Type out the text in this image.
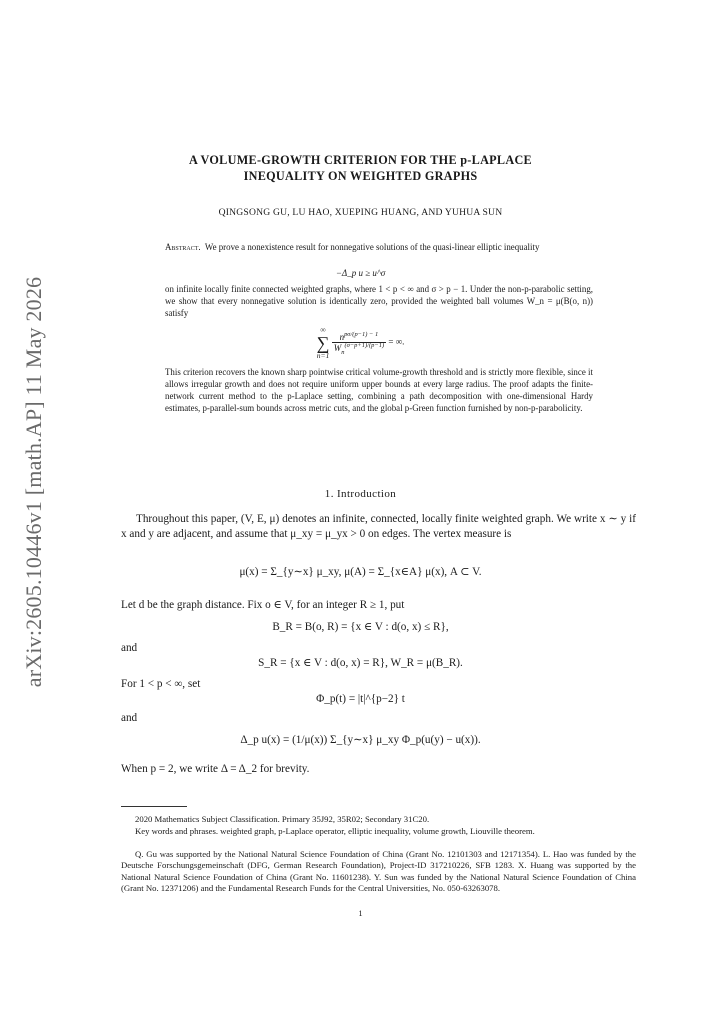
arXiv:2605.10446v1 [math.AP] 11 May 2026
A VOLUME-GROWTH CRITERION FOR THE p-LAPLACE
INEQUALITY ON WEIGHTED GRAPHS
QINGSONG GU, LU HAO, XUEPING HUANG, AND YUHUA SUN

Abstract. We prove a nonexistence result for nonnegative solutions of the quasi-linear elliptic inequality

−Δ_p u ≥ u^σ

on infinite locally finite connected weighted graphs, where 1 < p < ∞ and σ > p − 1. Under the non-p-parabolic setting, we show that every nonnegative solution is identically zero, provided the weighted ball volumes W_n = μ(B(o, n)) satisfy

∞
∑
n=1

$\frac{n^{p\sigma/(p-1) - 1}}{W_n^{(\sigma-p+1)/(p-1)}}$ = ∞.

This criterion recovers the known sharp pointwise critical volume-growth threshold and is strictly more flexible, since it allows irregular growth and does not require uniform upper bounds at every large radius. The proof adapts the finite-network current method to the p-Laplace setting, combining a path decomposition with one-dimensional Hardy estimates, p-parallel-sum bounds across metric cuts, and the global p-Green function furnished by non-p-parabolicity.

1. Introduction

Throughout this paper, (V, E, μ) denotes an infinite, connected, locally finite weighted graph. We write x ∼ y if x and y are adjacent, and assume that μ_xy = μ_yx > 0 on edges. The vertex measure is

μ(x) = Σ_{y∼x} μ_xy, μ(A) = Σ_{x∈A} μ(x), A ⊂ V.

Let d be the graph distance. Fix o ∈ V, for an integer R ≥ 1, put

B_R = B(o, R) = {x ∈ V : d(o, x) ≤ R},
and
S_R = {x ∈ V : d(o, x) = R}, W_R = μ(B_R).

For 1 < p < ∞, set

Φ_p(t) = |t|^{p−2} t
and
Δ_p u(x) = (1/μ(x)) Σ_{y∼x} μ_xy Φ_p(u(y) − u(x)).

When p = 2, we write Δ = Δ_2 for brevity.

2020 Mathematics Subject Classification. Primary 35J92, 35R02; Secondary 31C20.
Key words and phrases. weighted graph, p-Laplace operator, elliptic inequality, volume growth, Liouville theorem.
Q. Gu was supported by the National Natural Science Foundation of China (Grant No. 12101303 and 12171354). L. Hao was funded by the Deutsche Forschungsgemeinschaft (DFG, German Research Foundation), Project-ID 317210226, SFB 1283. X. Huang was supported by the National Natural Science Foundation of China (Grant No. 11601238). Y. Sun was funded by the National Natural Science Foundation of China (Grant No. 12371206) and the Fundamental Research Funds for the Central Universities, No. 050-63263078.
1
